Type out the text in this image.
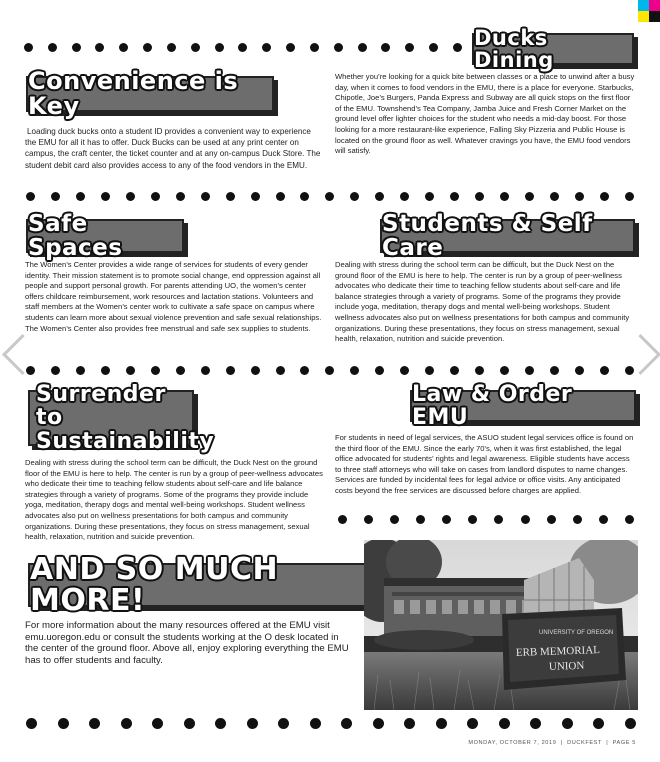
Ducks Dining
Convenience is Key

Loading duck bucks onto a student ID provides a convenient way to experience the EMU for all it has to offer. Duck Bucks can be used at any print center on campus, the craft center, the ticket counter and at any on-campus Duck Store. The student debit card also provides access to any of the food vendors in the EMU.

Whether you’re looking for a quick bite between classes or a place to unwind after a busy day, when it comes to food vendors in the EMU, there is a place for everyone. Starbucks, Chipotle, Joe’s Burgers, Panda Express and Subway are all quick stops on the first floor of the EMU. Townshend’s Tea Company, Jamba Juice and Fresh Corner Market on the ground level offer lighter choices for the student who needs a mid-day boost. For those looking for a more restaurant-like experience, Falling Sky Pizzeria and Public House is located on the ground floor as well. Whatever cravings you have, the EMU food vendors will satisfy.

Safe Spaces
Students & Self Care

The Women’s Center provides a wide range of services for students of every gender identity. Their mission statement is to promote social change, end oppression against all people and support personal growth. For parents attending UO, the women’s center offers childcare reimbursement, work resources and lactation stations. Volunteers and staff members at the Women’s center work to cultivate a safe space on campus where students can learn more about sexual violence prevention and safe sexual relationships. The Women’s Center also provides free menstrual and safe sex supplies to students.

Dealing with stress during the school term can be difficult, but the Duck Nest on the ground floor of the EMU is here to help. The center is run by a group of peer-wellness advocates who dedicate their time to teaching fellow students about self-care and life balance strategies through a variety of programs. Some of the programs they provide include yoga, meditation, therapy dogs and mental well-being workshops. Student wellness advocates also put on wellness presentations for both campus and community organizations. During these presentations, they focus on stress management, sexual health, relaxation, nutrition and suicide prevention.

Surrender to
Sustainability
Law & Order EMU

Dealing with stress during the school term can be difficult, the Duck Nest on the ground floor of the EMU is here to help. The center is run by a group of peer-wellness advocates who dedicate their time to teaching fellow students about self-care and life balance strategies through a variety of programs. Some of the programs they provide include yoga, meditation, therapy dogs and mental well-being workshops. Student wellness advocates also put on wellness presentations for both campus and community organizations. During these presentations, they focus on stress management, sexual health, relaxation, nutrition and suicide prevention.

For students in need of legal services, the ASUO student legal services office is found on the third floor of the EMU. Since the early 70’s, when it was first established, the legal office advocated for students’ rights and legal awareness. Eligible students have access to three staff attorneys who will take on cases from landlord disputes to name changes. Services are funded by incidental fees for legal advice or office visits. Any anticipated costs beyond the free services are discussed before charges are applied.

AND SO MUCH MORE!

For more information about the many resources offered at the EMU visit emu.uoregon.edu or consult the students working at the O desk located in the center of the ground floor. Above all, enjoy exploring everything the EMU has to offer students and faculty.

UNIVERSITY OF OREGON
ERB MEMORIAL
UNION
MONDAY, OCTOBER 7, 2019  |  DUCKFEST  |  PAGE 5
